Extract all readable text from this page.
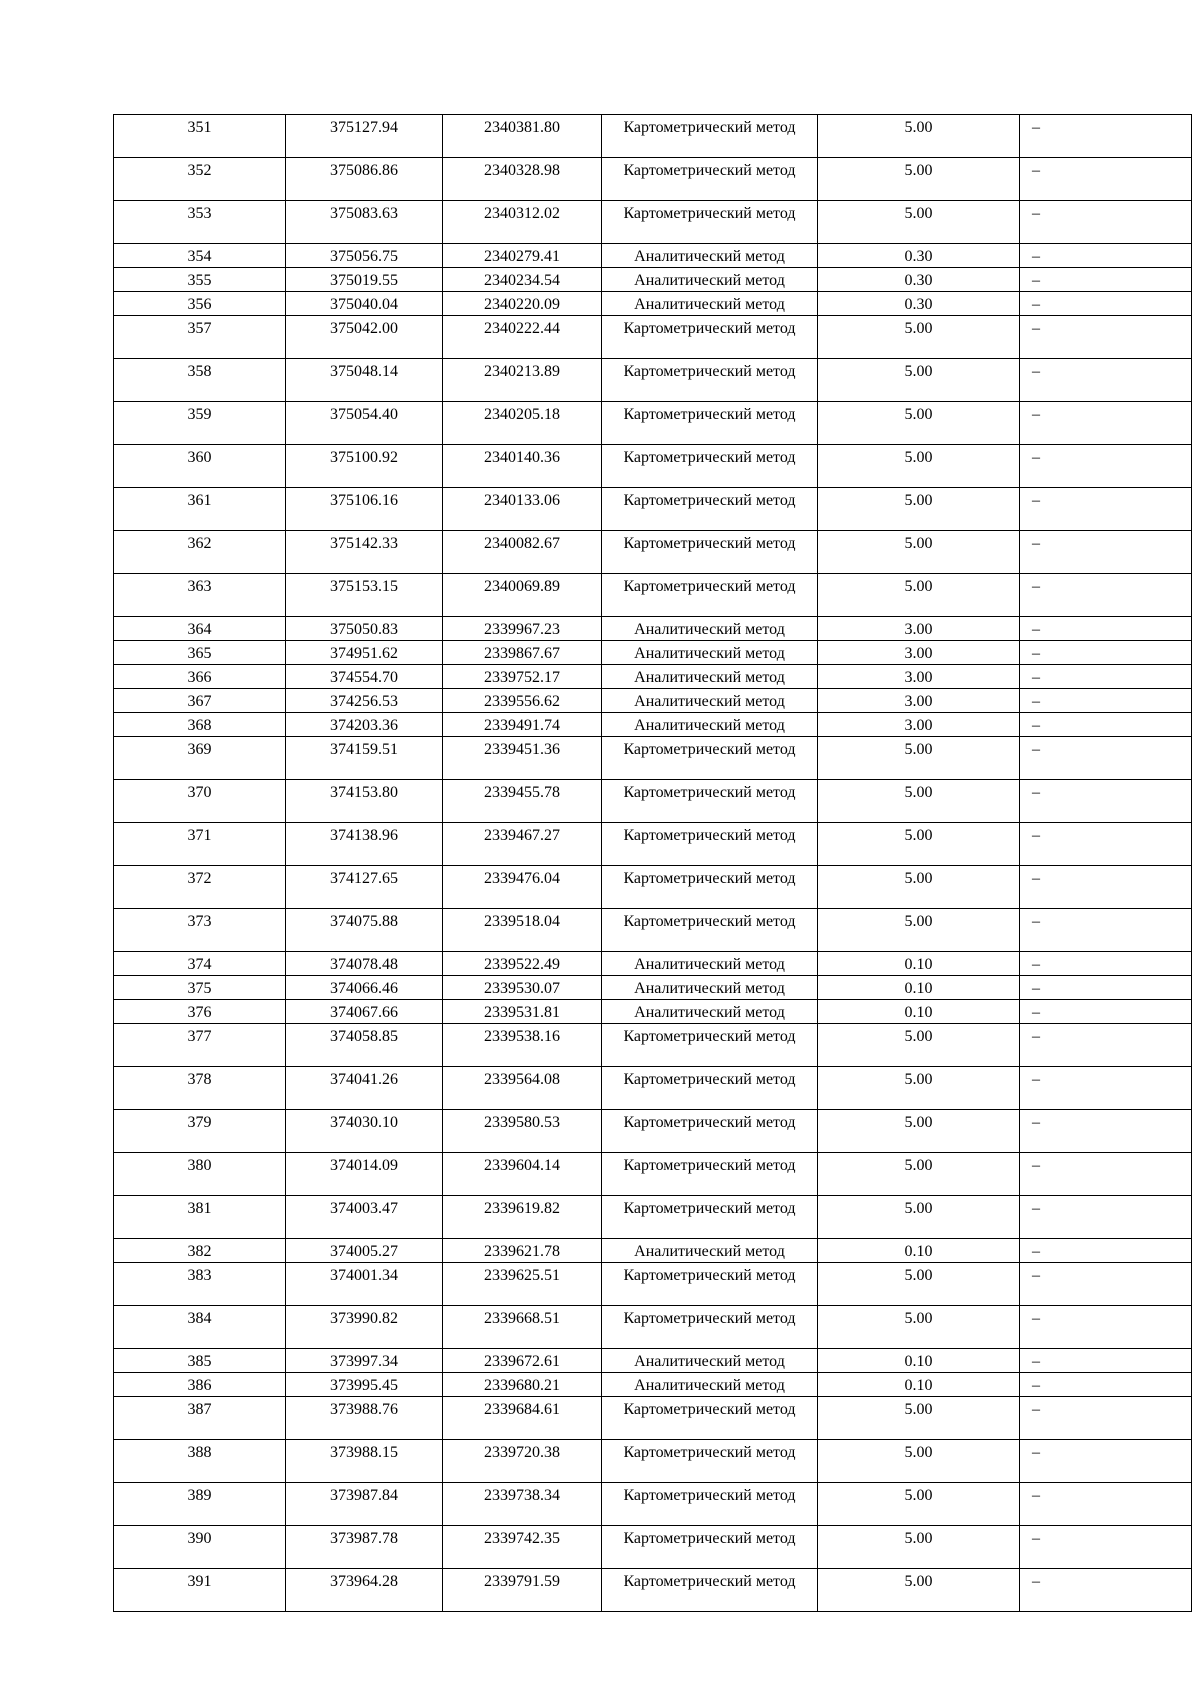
351	375127.94	2340381.80	Картометрический метод	5.00	–
352	375086.86	2340328.98	Картометрический метод	5.00	–
353	375083.63	2340312.02	Картометрический метод	5.00	–
354	375056.75	2340279.41	Аналитический метод	0.30	–
355	375019.55	2340234.54	Аналитический метод	0.30	–
356	375040.04	2340220.09	Аналитический метод	0.30	–
357	375042.00	2340222.44	Картометрический метод	5.00	–
358	375048.14	2340213.89	Картометрический метод	5.00	–
359	375054.40	2340205.18	Картометрический метод	5.00	–
360	375100.92	2340140.36	Картометрический метод	5.00	–
361	375106.16	2340133.06	Картометрический метод	5.00	–
362	375142.33	2340082.67	Картометрический метод	5.00	–
363	375153.15	2340069.89	Картометрический метод	5.00	–
364	375050.83	2339967.23	Аналитический метод	3.00	–
365	374951.62	2339867.67	Аналитический метод	3.00	–
366	374554.70	2339752.17	Аналитический метод	3.00	–
367	374256.53	2339556.62	Аналитический метод	3.00	–
368	374203.36	2339491.74	Аналитический метод	3.00	–
369	374159.51	2339451.36	Картометрический метод	5.00	–
370	374153.80	2339455.78	Картометрический метод	5.00	–
371	374138.96	2339467.27	Картометрический метод	5.00	–
372	374127.65	2339476.04	Картометрический метод	5.00	–
373	374075.88	2339518.04	Картометрический метод	5.00	–
374	374078.48	2339522.49	Аналитический метод	0.10	–
375	374066.46	2339530.07	Аналитический метод	0.10	–
376	374067.66	2339531.81	Аналитический метод	0.10	–
377	374058.85	2339538.16	Картометрический метод	5.00	–
378	374041.26	2339564.08	Картометрический метод	5.00	–
379	374030.10	2339580.53	Картометрический метод	5.00	–
380	374014.09	2339604.14	Картометрический метод	5.00	–
381	374003.47	2339619.82	Картометрический метод	5.00	–
382	374005.27	2339621.78	Аналитический метод	0.10	–
383	374001.34	2339625.51	Картометрический метод	5.00	–
384	373990.82	2339668.51	Картометрический метод	5.00	–
385	373997.34	2339672.61	Аналитический метод	0.10	–
386	373995.45	2339680.21	Аналитический метод	0.10	–
387	373988.76	2339684.61	Картометрический метод	5.00	–
388	373988.15	2339720.38	Картометрический метод	5.00	–
389	373987.84	2339738.34	Картометрический метод	5.00	–
390	373987.78	2339742.35	Картометрический метод	5.00	–
391	373964.28	2339791.59	Картометрический метод	5.00	–
